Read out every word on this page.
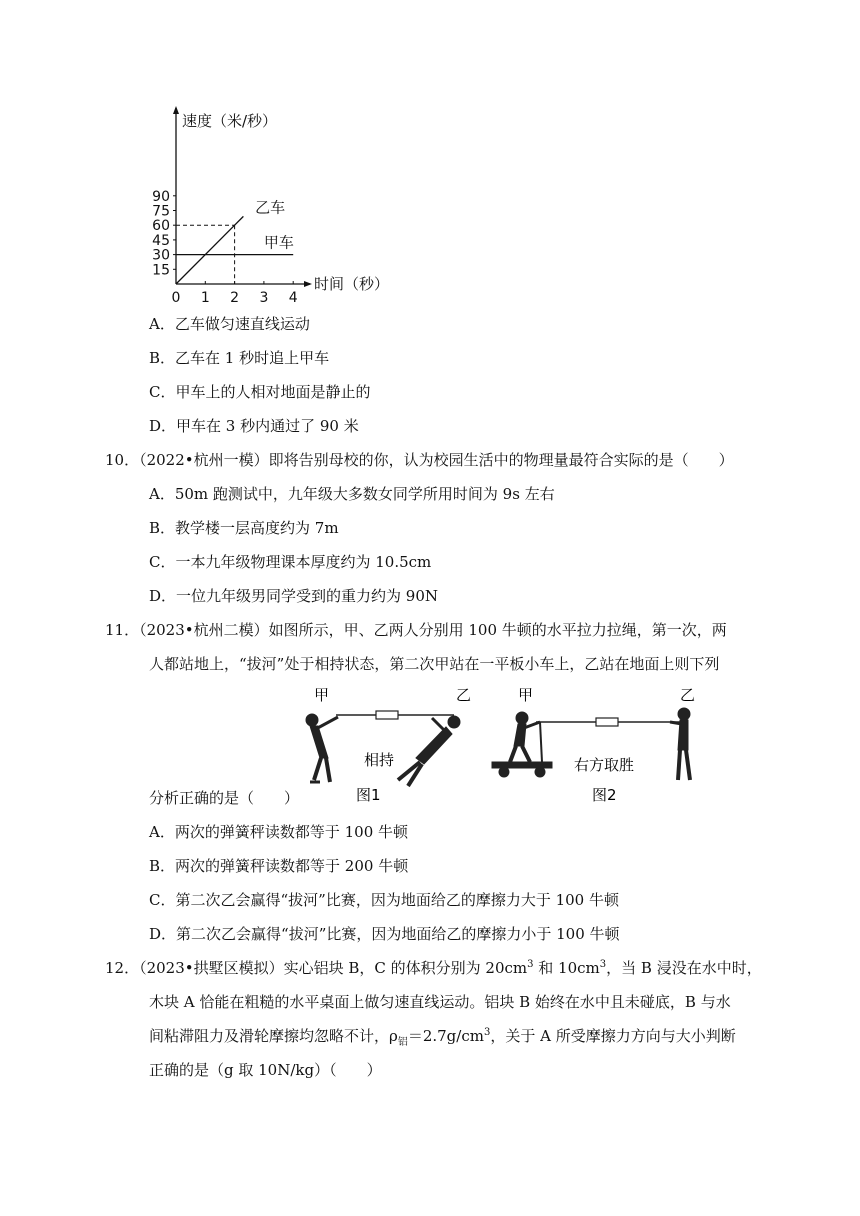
速度（米/秒）
时间（秒）
15
30
45
60
75
90
0 1 2 3 4
乙车
甲车
A．乙车做匀速直线运动
B．乙车在 1 秒时追上甲车
C．甲车上的人相对地面是静止的
D．甲车在 3 秒内通过了 90 米
10．（2022•杭州一模）即将告别母校的你，认为校园生活中的物理量最符合实际的是（　　）
A．50m 跑测试中，九年级大多数女同学所用时间为 9s 左右
B．教学楼一层高度约为 7m
C．一本九年级物理课本厚度约为 10.5cm
D．一位九年级男同学受到的重力约为 90N
11．（2023•杭州二模）如图所示，甲、乙两人分别用 100 牛顿的水平拉力拉绳，第一次，两
人都站地上，“拔河”处于相持状态，第二次甲站在一平板小车上，乙站在地面上则下列
甲	乙
相持
图1
甲	乙
右方取胜
图2
分析正确的是（　　）
A．两次的弹簧秤读数都等于 100 牛顿
B．两次的弹簧秤读数都等于 200 牛顿
C．第二次乙会赢得“拔河”比赛，因为地面给乙的摩擦力大于 100 牛顿
D．第二次乙会赢得“拔河”比赛，因为地面给乙的摩擦力小于 100 牛顿
12．（2023•拱墅区模拟）实心铝块 B，C 的体积分别为 $20cm^3$ 和 $10cm^3$，当 B 浸没在水中时，
木块 A 恰能在粗糙的水平桌面上做匀速直线运动。铝块 B 始终在水中且未碰底，B 与水
间粘滞阻力及滑轮摩擦均忽略不计，$\rho_铝=2.7g/cm^3$，关于 A 所受摩擦力方向与大小判断
正确的是（g 取 10N/kg）（　　）
